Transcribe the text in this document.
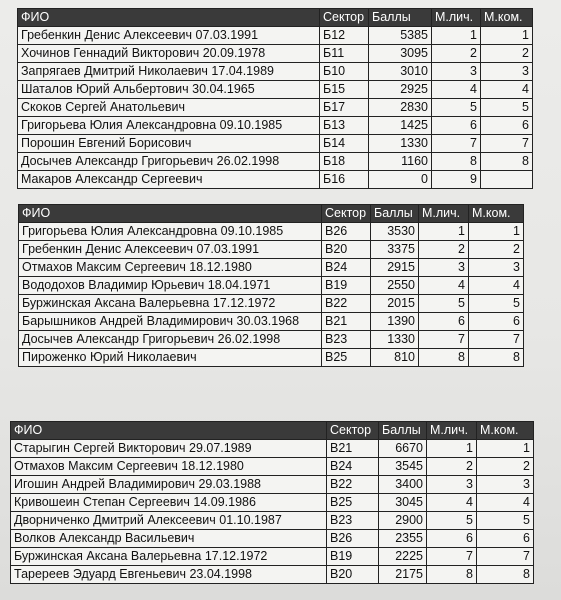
ФИО	Сектор	Баллы	М.лич.	М.ком.
Гребенкин Денис Алексеевич 07.03.1991	Б12	5385	1	1
Хочинов Геннадий Викторович 20.09.1978	Б11	3095	2	2
Запрягаев Дмитрий Николаевич 17.04.1989	Б10	3010	3	3
Шаталов Юрий Альбертович 30.04.1965	Б15	2925	4	4
Скоков Сергей Анатольевич	Б17	2830	5	5
Григорьева Юлия Александровна 09.10.1985	Б13	1425	6	6
Порошин Евгений Борисович	Б14	1330	7	7
Досычев Александр Григорьевич 26.02.1998	Б18	1160	8	8
Макаров Александр Сергеевич	Б16	0	9	
ФИО	Сектор	Баллы	М.лич.	М.ком.
Григорьева Юлия Александровна 09.10.1985	В26	3530	1	1
Гребенкин Денис Алексеевич 07.03.1991	В20	3375	2	2
Отмахов Максим Сергеевич 18.12.1980	В24	2915	3	3
Вододохов Владимир Юрьевич 18.04.1971	В19	2550	4	4
Буржинская Аксана Валерьевна 17.12.1972	В22	2015	5	5
Барышников Андрей Владимирович 30.03.1968	В21	1390	6	6
Досычев Александр Григорьевич 26.02.1998	В23	1330	7	7
Пироженко Юрий Николаевич	В25	810	8	8
ФИО	Сектор	Баллы	М.лич.	М.ком.
Старыгин Сергей Викторович 29.07.1989	В21	6670	1	1
Отмахов Максим Сергеевич 18.12.1980	В24	3545	2	2
Игошин Андрей Владимирович 29.03.1988	В22	3400	3	3
Кривошеин Степан Сергеевич 14.09.1986	В25	3045	4	4
Дворниченко Дмитрий Алексеевич 01.10.1987	В23	2900	5	5
Волков Александр Васильевич	В26	2355	6	6
Буржинская Аксана Валерьевна 17.12.1972	В19	2225	7	7
Таререев Эдуард Евгеньевич 23.04.1998	В20	2175	8	8
